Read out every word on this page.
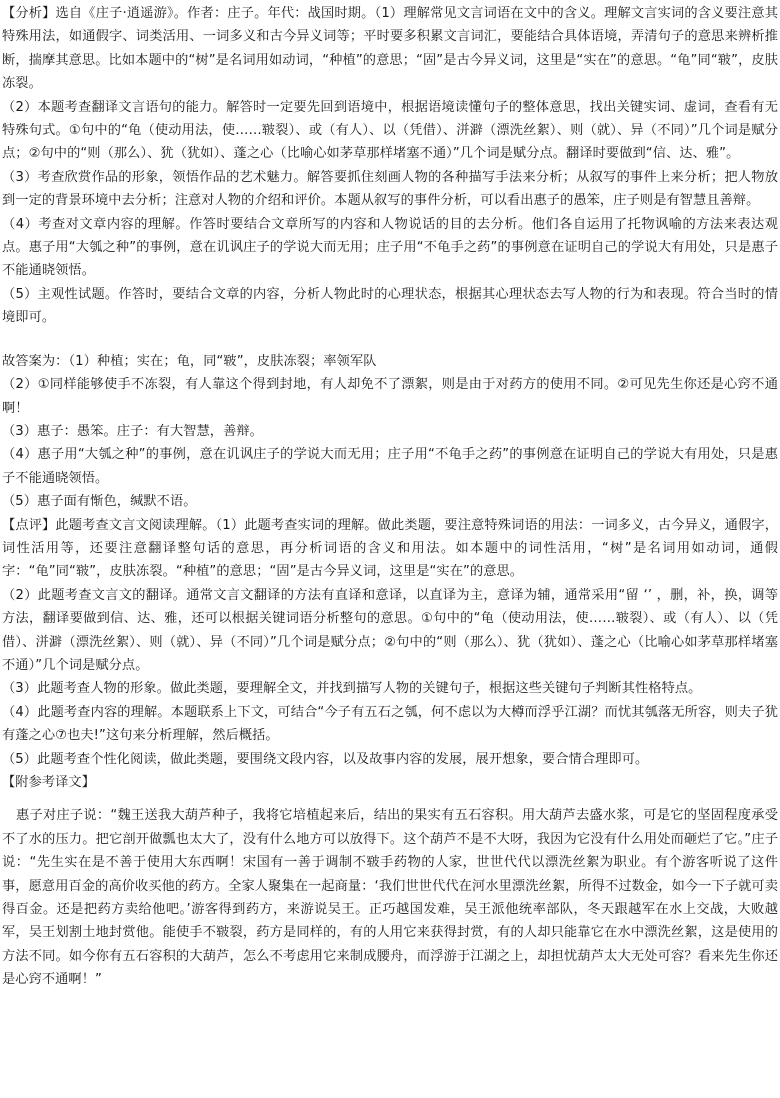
【分析】选自《庄子·逍遥游》。作者：庄子。年代：战国时期。（1）理解常见文言词语在文中的含义。理解文言实词的含义要注意其特殊用法，如通假字、词类活用、一词多义和古今异义词等；平时要多积累文言词汇，要能结合具体语境，弄清句子的意思来辨析推断，揣摩其意思。比如本题中的“树”是名词用如动词，“种植”的意思；“固”是古今异义词，这里是“实在”的意思。“龟”同“皲”，皮肤冻裂。

（2）本题考查翻译文言语句的能力。解答时一定要先回到语境中，根据语境读懂句子的整体意思，找出关键实词、虚词，查看有无特殊句式。①句中的“龟（使动用法，使……皲裂）、或（有人）、以（凭借）、洴澼（漂洗丝絮）、则（就）、异（不同）”几个词是赋分点；②句中的“则（那么）、犹（犹如）、蓬之心（比喻心如茅草那样堵塞不通）”几个词是赋分点。翻译时要做到“信、达、雅”。

（3）考查欣赏作品的形象，领悟作品的艺术魅力。解答要抓住刻画人物的各种描写手法来分析；从叙写的事件上来分析；把人物放到一定的背景环境中去分析；注意对人物的介绍和评价。本题从叙写的事件分析，可以看出惠子的愚笨，庄子则是有智慧且善辩。

（4）考查对文章内容的理解。作答时要结合文章所写的内容和人物说话的目的去分析。他们各自运用了托物讽喻的方法来表达观点。惠子用“大瓠之种”的事例，意在讥讽庄子的学说大而无用；庄子用“不龟手之药”的事例意在证明自己的学说大有用处，只是惠子不能通晓领悟。

（5）主观性试题。作答时，要结合文章的内容，分析人物此时的心理状态，根据其心理状态去写人物的行为和表现。符合当时的情境即可。

故答案为：（1）种植；实在；龟，同“皲”，皮肤冻裂；率领军队

（2）①同样能够使手不冻裂，有人靠这个得到封地，有人却免不了漂絮，则是由于对药方的使用不同。②可见先生你还是心窍不通啊！

（3）惠子：愚笨。庄子：有大智慧，善辩。

（4）惠子用“大瓠之种”的事例，意在讥讽庄子的学说大而无用；庄子用“不龟手之药”的事例意在证明自己的学说大有用处，只是惠子不能通晓领悟。

（5）惠子面有惭色，缄默不语。

【点评】此题考查文言文阅读理解。（1）此题考查实词的理解。做此类题，要注意特殊词语的用法：一词多义，古今异义，通假字，词性活用等，还要注意翻译整句话的意思，再分析词语的含义和用法。如本题中的词性活用，“树”是名词用如动词，通假字：“龟”同“皲”，皮肤冻裂。“种植”的意思；“固”是古今异义词，这里是“实在”的意思。

（2）此题考查文言文的翻译。通常文言文翻译的方法有直译和意译，以直译为主，意译为辅，通常采用“留 ‘’ ，删，补，换，调等方法，翻译要做到信、达、雅，还可以根据关键词语分析整句的意思。①句中的“龟（使动用法，使……皲裂）、或（有人）、以（凭借）、洴澼（漂洗丝絮）、则（就）、异（不同）”几个词是赋分点；②句中的“则（那么）、犹（犹如）、蓬之心（比喻心如茅草那样堵塞不通）”几个词是赋分点。

（3）此题考查人物的形象。做此类题，要理解全文，并找到描写人物的关键句子，根据这些关键句子判断其性格特点。

（4）此题考查内容的理解。本题联系上下文，可结合“今子有五石之瓠，何不虑以为大樽而浮乎江湖？而忧其瓠落无所容，则夫子犹有蓬之心⑦也夫!”这句来分析理解，然后概括。

（5）此题考查个性化阅读，做此类题，要围绕文段内容，以及故事内容的发展，展开想象，要合情合理即可。

【附参考译文】

惠子对庄子说：“魏王送我大葫芦种子，我将它培植起来后，结出的果实有五石容积。用大葫芦去盛水浆，可是它的坚固程度承受不了水的压力。把它剖开做瓢也太大了，没有什么地方可以放得下。这个葫芦不是不大呀，我因为它没有什么用处而砸烂了它。”庄子说：“先生实在是不善于使用大东西啊！宋国有一善于调制不皲手药物的人家，世世代代以漂洗丝絮为职业。有个游客听说了这件事，愿意用百金的高价收买他的药方。全家人聚集在一起商量：‘我们世世代代在河水里漂洗丝絮，所得不过数金，如今一下子就可卖得百金。还是把药方卖给他吧。’游客得到药方，来游说吴王。正巧越国发难，吴王派他统率部队，冬天跟越军在水上交战，大败越军，吴王划割土地封赏他。能使手不皲裂，药方是同样的，有的人用它来获得封赏，有的人却只能靠它在水中漂洗丝絮，这是使用的方法不同。如今你有五石容积的大葫芦，怎么不考虑用它来制成腰舟，而浮游于江湖之上，却担忧葫芦太大无处可容？看来先生你还是心窍不通啊！”
